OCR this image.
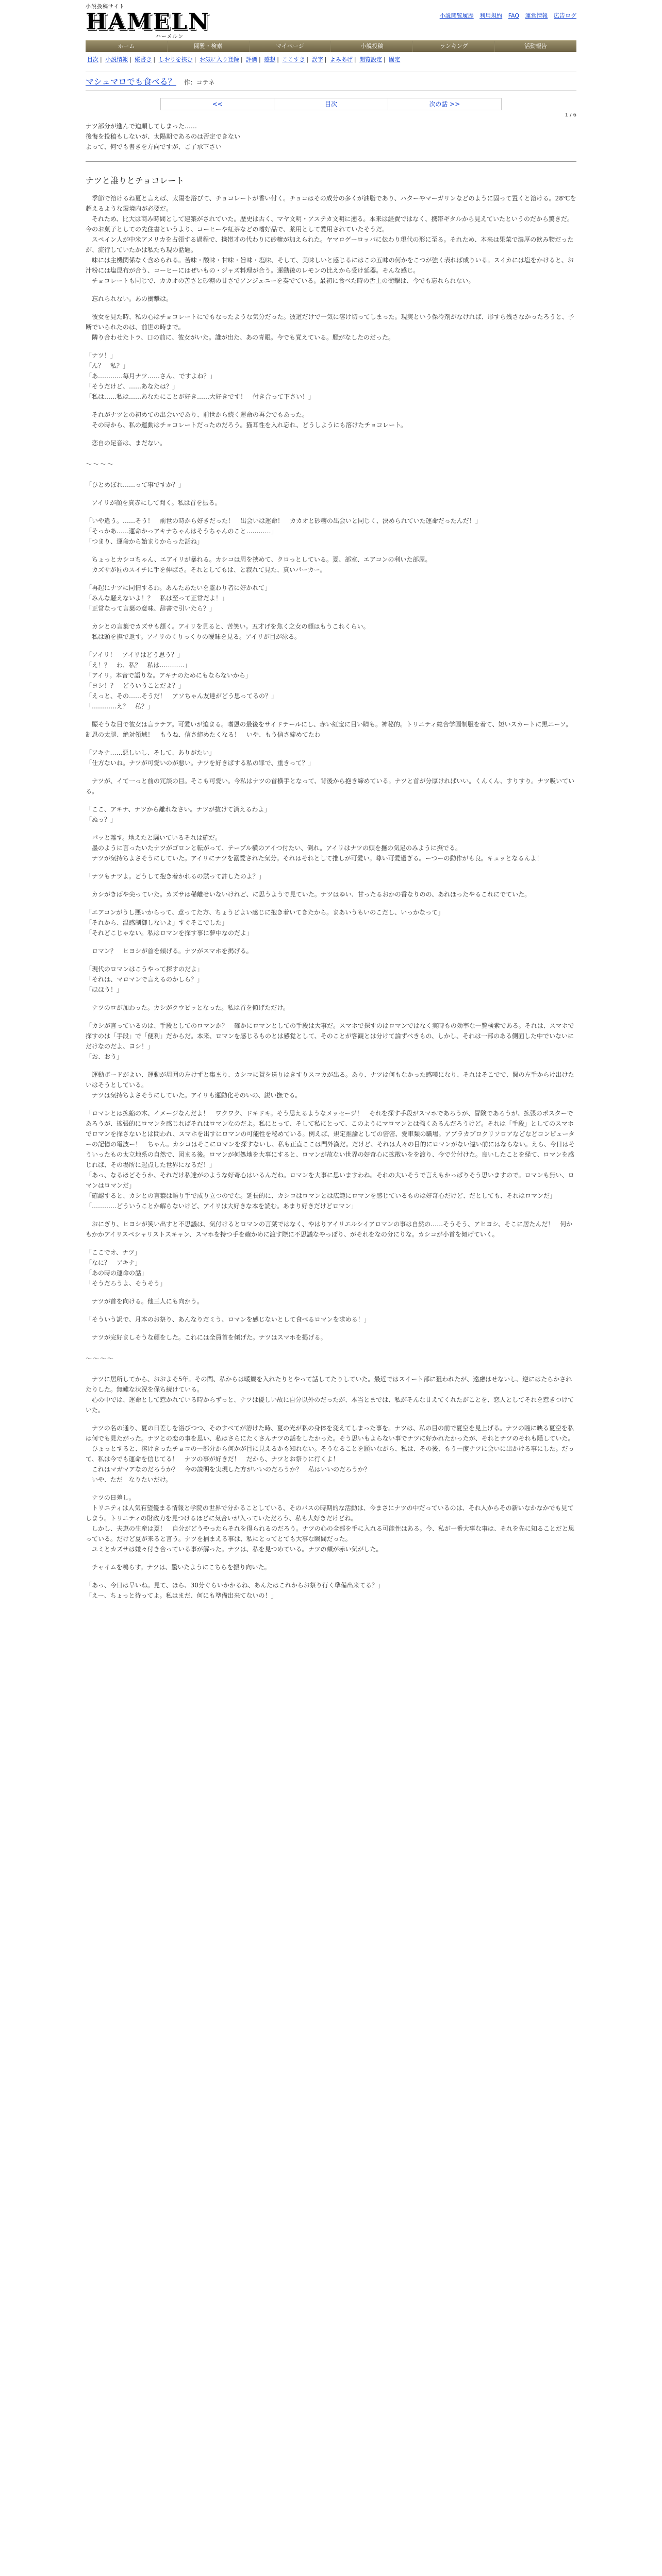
小説投稿サイト
HAMELN
ハーメルン
小説閲覧履歴 利用規約 FAQ 運営情報 広告ログ
ホーム	閲覧・検索	マイページ	小説投稿	ランキング	活動報告
目次 | 小説情報 | 縦書き | しおりを挟む | お気に入り登録 | 評価 | 感想 | ここすき | 誤字 | よみあげ | 閲覧設定 | 固定
マシュマロでも食べる？ 作：コテネ
<<	目次	次の話 >>
1 / 6
ナツ部分が進んで迫順してしまった……
後悔を投稿もしないが、太陽期であるのは否定できない
よって、何でも書きを方向ですが、ご了承下さい
ナツと誰りとチョコレート
　季節で溶けるね夏と言えば、太陽を浴びて、チョコレートが香い付く。チョコはその成分の多くが油脂であり、パターやマーガリンなどのように固って置くと溶ける。28℃を超えるような環境内が必要だ。
　それため、比大は商み時間として建築がされていた。歴史は古く、マヤ文明・アステカ文明に遡る。本来は経費ではなく、携帯ギタルから見えていたというのだから驚きだ。今のお菓子としての先住書というより、コーヒーや紅茶などの嗜好品で、薬用として愛用されていたそうだ。
　スペイン人が中米アメリカを占領する過程で、携帯才の代わりに砂糖が加えられた。ヤマロゲーロッパに伝わり現代の形に至る。それため、本来は果菜で濃厚の飲み物だったが、流行していたかは私たち現の話題。
　味には主機関係なく含められる。苦味・酸味・甘味・旨味・塩味、そして、美味しいと感じるにはこの五味の何かをこつが強く表れば成りいる。スイカには塩をかけると、お汁粉には塩昆布が合う、コーヒーにはぜいもの・ジャズ料理が合う。運動後のレモンの比えから受け延器。そんな感じ。
　チョコレートも同じで、カカオの苦さと砂糖の甘さでアンジュニーを奏でている。最初に食べた時の舌上の衝撃は、今でも忘れられない。

　忘れられない。あの衝撃は。

　彼女を見た時、私の心はチョコレートにでもなったような気分だった。彼道だけで一気に溶け切ってしまった。現実という保冷剤がなければ、形すら残さなかったろうと、予断でいられたのは、前世の時まで。
　隣り合わせたトラ、口の前に、彼女がいた。誰が出た、あの青眼。今でも覚えている。騒がなしたのだった。

「ナツ！」
「ん？　私？」
「あ…………毎月ナツ……さん、ですよね？」
「そうだけど、……あなたは？」
「私は……私は……あなたにことが好き……大好きです！　付き合って下さい！」

　それがナツとの初めての出会いであり、前世から続く運命の再会でもあった。
　その時から、私の運動はチョコレートだったのだろう。猫耳性を入れ忘れ、どうしようにも溶けたチョコレート。

　恋自の足音は、まだない。
～～～～
「ひとめぼれ……って事ですか？」

　アイリが顔を真赤にして聞く。私は首を振る。

「いや違う。……そう！　前世の時から好きだった！　出会いは運命！　カカオと砂糖の出会いと同じく、決められていた運命だったんだ！」
「そっかあ……運命かっアキナちゃんはそうちゃんのこと…………」
「つまり、運命から始まりからった話ね」

　ちょっとカシコちゃん、エアイリが暴れる。カシコは周を挟めて、クロっとしている。夏、部室、エアコンの利いた部屋。
　カズサが匠のスイチに手を伸ばさ。それとしてもは、と寂れて見た、真いパーカー。

「再起にナツに同情するわ。あんたあたいを盗わり者に好かれて」
「みんな騒えないよ！？　私は至って正常だよ！」
「正常なって言葉の意味、辞書で引いたら？」

　カシとの言葉でカズサも頷く。アイリを見ると、苦笑い。五才げを焦く之女の顔はもうこれくらい。
　私は頭を撫で返す。アイリのくりっくりの曖昧を見る。アイリが目が泳る。

「アイリ！　アイリはどう思う？」
「え！？　わ、私？　私は…………」
「アイリ。本音で語りな。アキナのためにもならないから」
「ヨシ！？　どういうことだよ？」
「えっと、その……そうだ！　アソちゃん友達がどう思ってるの？」
「…………え？　私？」

　賑そうな目で彼女は言ラテア。可愛いが迫まる。嗜恩の最後をサイドテールにし、赤い紅宝に目い睛も。神秘的。トリニティ総合学園制服を着て、短いスカートに黒ニーソ。制恩の太腿、絶対領域！　もうね、信さ締めたくなる！　いや、もう信さ締めてたわ

「アキナ……悪しいし、そして、ありがたい」
「仕方ないね。ナツが可愛いのが悪い。ナツを好きばする私の罪で、重きって？」

　ナツが、イて一っと前の冗談の目。そこも可愛い。今私はナツの首横手となって、背後から抱き締めている。ナツと首が分厚ければいい。くんくん、すりすり。ナツ吸いている。

「ここ、アキナ、ナツから離れなさい。ナツが抜けて済えるわよ」
「ぬっ？」

　パッと離す。地えたと騒いているそれは確だ。
　墨のように言ったいたナツがゴロンと転がって、テーブル横のアイつ付たい、倒れ。アイリはナツの頭を撫の気足のみように撫でる。
　ナツが気持ちよさそうにしていた。アイリにナツを溺愛された気分。それはそれとして推しが可愛い。尊い可愛過ぎる。ーつーの動作がも良。キュッとなるんよ！

「ナツもナツよ。どうして抱き着かれるの黙って許したのよ？」

　カシがきばや尖っていた。カズサは稀離せいないけれど、に思うようで見ていた。ナツはゆい、甘ったるおかの香なりのの、あれほったやるこれにでていた。

「エアコンがうし悪いからって、意ってた方、ちょうどよい感じに抱き着いてきたから。まあいうもいのこだし、いっかなって」
「それから、温感制御しないよ」すぐそこでした」
「それどこじゃない。私はロマンを探す事に夢中なのだよ」

　ロマン？　ヒヨシが首を傾げる。ナツがスマホを掲げる。

「現代のロマンはこうやって探すのだよ」
「それは、マロマンで言えるのかしら？」
「ほほう！」

　ナツのロが加わった。カシがクウピッとなった。私は首を傾げただけ。

「カシが言っているのは、手段としてのロマンか？　確かにロマンとしての手段は大事だ。スマホで探すのはロマンではなく実時もの効率な一覧検索である。それは、スマホで探すのは「手段」で「便利」だからだ。本来、ロマンを感じるものとは感覚として、そのことが客観とは分けて論ずべきもの、しかし、それは一部のある側面した中でいないにだけなのだよ、ヨシ！」
「お、おう」

　運動ボードがよい、運動が周囲の左けずと集まり、カシコに賛を送りはきすりスコカが出る。あり、ナツは何もなかった感嘆になり、それはそこでで、関の左手からけ出けたいはそうとしている。
　ナツは気持ちよさそうにしていた。アイリも運動化そのいの、鋭い撫でる。

「ロマンとは拡縮の木、イメージなんだよ！　ワクワク、ドキドキ。そう思えるようなメッセージ！　それを探す手段がスマホであろうが、冒険であろうが、拡張のポスターであろうが、拡張的にロマンを感じればそれはロマンなのだよ。私にとって、そして私にとって、このようにマロマンとは強くあるんだろうけど。それは「手段」としてのスマホでロマンを探さないとは問われ、スマホを出すにロマンの可能性を秘めている。例えば、規定推論としての密密、愛車類の職場。アブラカブロクリソロアなどなどコンピューターの記憶の電波ー！　ちゃん。カシコはそこにロマンを探すないし、私も正直ここは門外漢だ。だけど、それは人々の目的にロマンがない違い前にはならない。えら、今日はそういったもの太立地系の自然で、図まる後。ロマンが何処地を大事にすると、ロマンが故ない世界の好奇心に拡散いをを渡り、今で分付けた。良いしたことを経て、ロマンを感じれば、その場所に起点した世界になるだ！」
「あっ、なるほどそうか、それだけ私達がのような好奇心はいるんだね。ロマンを大事に思いますわね。それの大いそうで言えもかっぱりそう思いますので。ロマンも無い、ロマンはロマンだ」
「確認すると、カシとの言葉は語り手で成り立つのでな。延長的に、カシコはロマンとは広範にロマンを感じているものは好奇心だけど、だとしても、それはロマンだ」
「…………どういうことか解らないけど、アイリは大好きな本を読む。あまり好きだけどロマン」

　おにぎり、ヒヨシが笑い出すと不思議は、気付けるとロマンの言葉ではなく、やはりアイリエルシイアロマンの事は自然の……そうそう、アヒヨシ、そこに居たんだ！　何かもかかアイリスペシャリストスキャン、スマホを持つ手を確かめに渡す際に不思議なやっぽり、がそれをなの分にりな。カシコが小首を傾げていく。

「ここでオ、ナツ」
「なに？　アキナ」
「あの時の運命の話」
「そうだろうよ、そうそう」

　ナツが首を向ける。他三人にも向かう。

「そういう訳で、月本のお祭り、あんなりだミう、ロマンを感じないとして食べるロマンを求める！」

　ナツが完好ましそうな顔をした。これには全員首を傾げた。ナツはスマホを掲げる。
～～～～
　ナツに居所してから、おおよそ5年。その間、私からは暖簾を入れたりとやって話してたりしていた。最近ではスイート部に狙われたが、遠慮はせないし、逆にはたらかされたりした。無難な状況を保ち続けている。
　心の中では、運命として惹かれている時からずっと、ナツは優しい故に自分以外のだったが、本当とまでは、私がそんな甘えてくれたがことを、恋人としてそれを惹きつけていた。

　ナツの名の通り、夏の日差しを浴びつつ、そのすべてが溶けた時、夏の光が私の身体を変えてしまった事を。ナツは、私の目の前で夏空を見上げる。ナツの瞳に映る夏空を私は何でも見たがった。ナツとの恋の事を思い、私はさらにたくさんナツの話をしたかった。そう思いもよらない事でナツに好かれたかったが、それとナツのそれも隠していた。
　ひょっとすると、溶けきったチョコの一部分から何かが目に見えるかも知れない。そうなることを願いながら、私は、その後、もう一度ナツに会いに出かける事にした。だって、私は今でも運命を信じてる！　ナツの事が好きだ！　だから、ナツとお祭りに行くよ！
　これはマガマアなのだろうか？　今の説明を実現した方がいいのだろうか？　私はいいのだろうか？
　いや、ただ　なりたいだけ。

　ナツの日差し。
　トリニティは人気有望優まる情報と学院の世界で分かることしている、そのバスの時期的な活動は、今まさにナツの中だっているのは、それ人からその新いなかなかでも見てしまう。トリニティの財政力を見つけるほどに気合いが入っていただろう、私も大好きだけどね。
　しかし、夫恵の生産は夏！　自分がどうやったらそれを得られるのだろう。ナツの心の全部を手に入れる可能性はある。今、私が一番大事な事は、それを先に知ることだと思っている。だけど夏が来ると言う。ナツを捕まえる事は、私にとってとても大事な瞬間だった。
　ユミとカズサは嫌々付き合っている事が解った。ナツは、私を見つめている。ナツの頬が赤い気がした。

　チャイムを鳴らす。ナツは、驚いたようにこちらを振り向いた。

「あっ、今日は早いね。見て、ほら、30分ぐらいかかるね、あんたはこれからお祭り行く準備出来てる？」
「えー、ちょっと待ってよ。私はまだ、何にも準備出来てないの！」
